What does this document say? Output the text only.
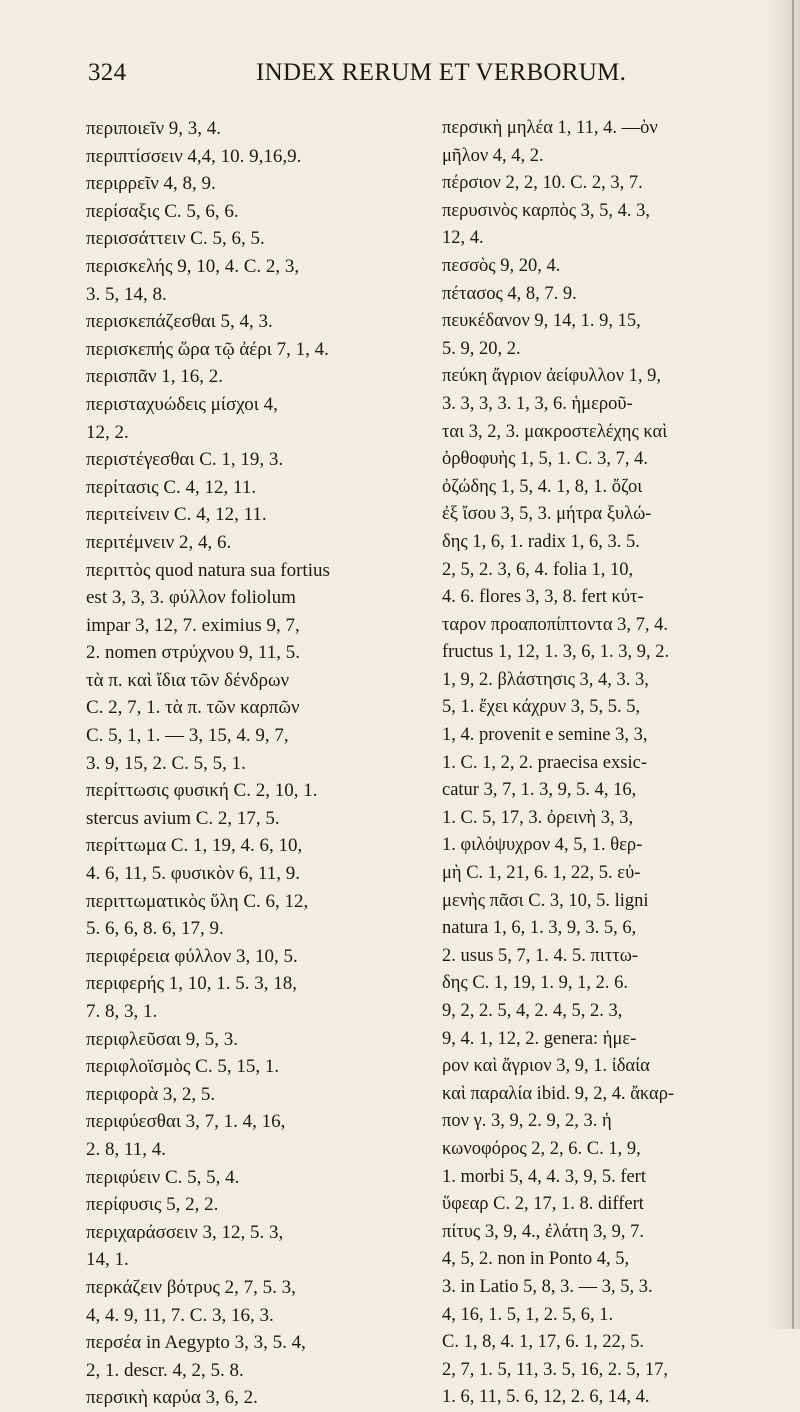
324	INDEX RERUM ET VERBORUM.

περιποιεῖν 9, 3, 4.

περιπτίσσειν 4,4, 10. 9,16,9.

περιρρεῖν 4, 8, 9.

περίσαξις C. 5, 6, 6.

περισσάττειν C. 5, 6, 5.

περισκελής 9, 10, 4. C. 2, 3,

3. 5, 14, 8.

περισκεπάζεσθαι 5, 4, 3.

περισκεπής ὥρα τῷ ἀέρι 7, 1, 4.

περισπᾶν 1, 16, 2.

περισταχυώδεις μίσχοι 4,

12, 2.

περιστέγεσθαι C. 1, 19, 3.

περίτασις C. 4, 12, 11.

περιτείνειν C. 4, 12, 11.

περιτέμνειν 2, 4, 6.

περιττὸς quod natura sua fortius

est 3, 3, 3. φύλλον foliolum

impar 3, 12, 7. eximius 9, 7,

2. nomen στρύχνου 9, 11, 5.

τὰ π. καὶ ἴδια τῶν δένδρων

C. 2, 7, 1. τὰ π. τῶν καρπῶν

C. 5, 1, 1. — 3, 15, 4. 9, 7,

3. 9, 15, 2. C. 5, 5, 1.

περίττωσις φυσική C. 2, 10, 1.

stercus avium C. 2, 17, 5.

περίττωμα C. 1, 19, 4. 6, 10,

4. 6, 11, 5. φυσικὸν 6, 11, 9.

περιττωματικὸς ὕλη C. 6, 12,

5. 6, 6, 8. 6, 17, 9.

περιφέρεια φύλλον 3, 10, 5.

περιφερής 1, 10, 1. 5. 3, 18,

7. 8, 3, 1.

περιφλεῦσαι 9, 5, 3.

περιφλοϊσμὸς C. 5, 15, 1.

περιφορὰ 3, 2, 5.

περιφύεσθαι 3, 7, 1. 4, 16,

2. 8, 11, 4.

περιφύειν C. 5, 5, 4.

περίφυσις 5, 2, 2.

περιχαράσσειν 3, 12, 5. 3,

14, 1.

περκάζειν βότρυς 2, 7, 5. 3,

4, 4. 9, 11, 7. C. 3, 16, 3.

περσέα in Aegypto 3, 3, 5. 4,

2, 1. descr. 4, 2, 5. 8.

περσικὴ καρύα 3, 6, 2.

περσικὴ μηλέα 1, 11, 4. —ὸν

μῆλον 4, 4, 2.

πέρσιον 2, 2, 10. C. 2, 3, 7.

περυσινὸς καρπὸς 3, 5, 4. 3,

12, 4.

πεσσὸς 9, 20, 4.

πέτασος 4, 8, 7. 9.

πευκέδανον 9, 14, 1. 9, 15,

5. 9, 20, 2.

πεύκη ἄγριον ἀείφυλλον 1, 9,

3. 3, 3, 3. 1, 3, 6. ἡμεροῦ-

ται 3, 2, 3. μακροστελέχης καὶ

ὀρθοφυὴς 1, 5, 1. C. 3, 7, 4.

ὀζώδης 1, 5, 4. 1, 8, 1. ὄζοι

ἐξ ἴσου 3, 5, 3. μήτρα ξυλώ-

δης 1, 6, 1. radix 1, 6, 3. 5.

2, 5, 2. 3, 6, 4. folia 1, 10,

4. 6. flores 3, 3, 8. fert κύτ-

ταρον προαποπίπτοντα 3, 7, 4.

fructus 1, 12, 1. 3, 6, 1. 3, 9, 2.

1, 9, 2. βλάστησις 3, 4, 3. 3,

5, 1. ἔχει κάχρυν 3, 5, 5. 5,

1, 4. provenit e semine 3, 3,

1. C. 1, 2, 2. praecisa exsic-

catur 3, 7, 1. 3, 9, 5. 4, 16,

1. C. 5, 17, 3. ὀρεινὴ 3, 3,

1. φιλόψυχρον 4, 5, 1. θερ-

μὴ C. 1, 21, 6. 1, 22, 5. εὐ-

μενὴς πᾶσι C. 3, 10, 5. ligni

natura 1, 6, 1. 3, 9, 3. 5, 6,

2. usus 5, 7, 1. 4. 5. πιττω-

δης C. 1, 19, 1. 9, 1, 2. 6.

9, 2, 2. 5, 4, 2. 4, 5, 2. 3,

9, 4. 1, 12, 2. genera: ἡμε-

ρον καὶ ἄγριον 3, 9, 1. ἰδαία

καὶ παραλία ibid. 9, 2, 4. ἄκαρ-

πον γ. 3, 9, 2. 9, 2, 3. ἡ

κωνοφόρος 2, 2, 6. C. 1, 9,

1. morbi 5, 4, 4. 3, 9, 5. fert

ὕφεαρ C. 2, 17, 1. 8. differt

πίτυς 3, 9, 4., ἐλάτη 3, 9, 7.

4, 5, 2. non in Ponto 4, 5,

3. in Latio 5, 8, 3. — 3, 5, 3.

4, 16, 1. 5, 1, 2. 5, 6, 1.

C. 1, 8, 4. 1, 17, 6. 1, 22, 5.

2, 7, 1. 5, 11, 3. 5, 16, 2. 5, 17,

1. 6, 11, 5. 6, 12, 2. 6, 14, 4.
